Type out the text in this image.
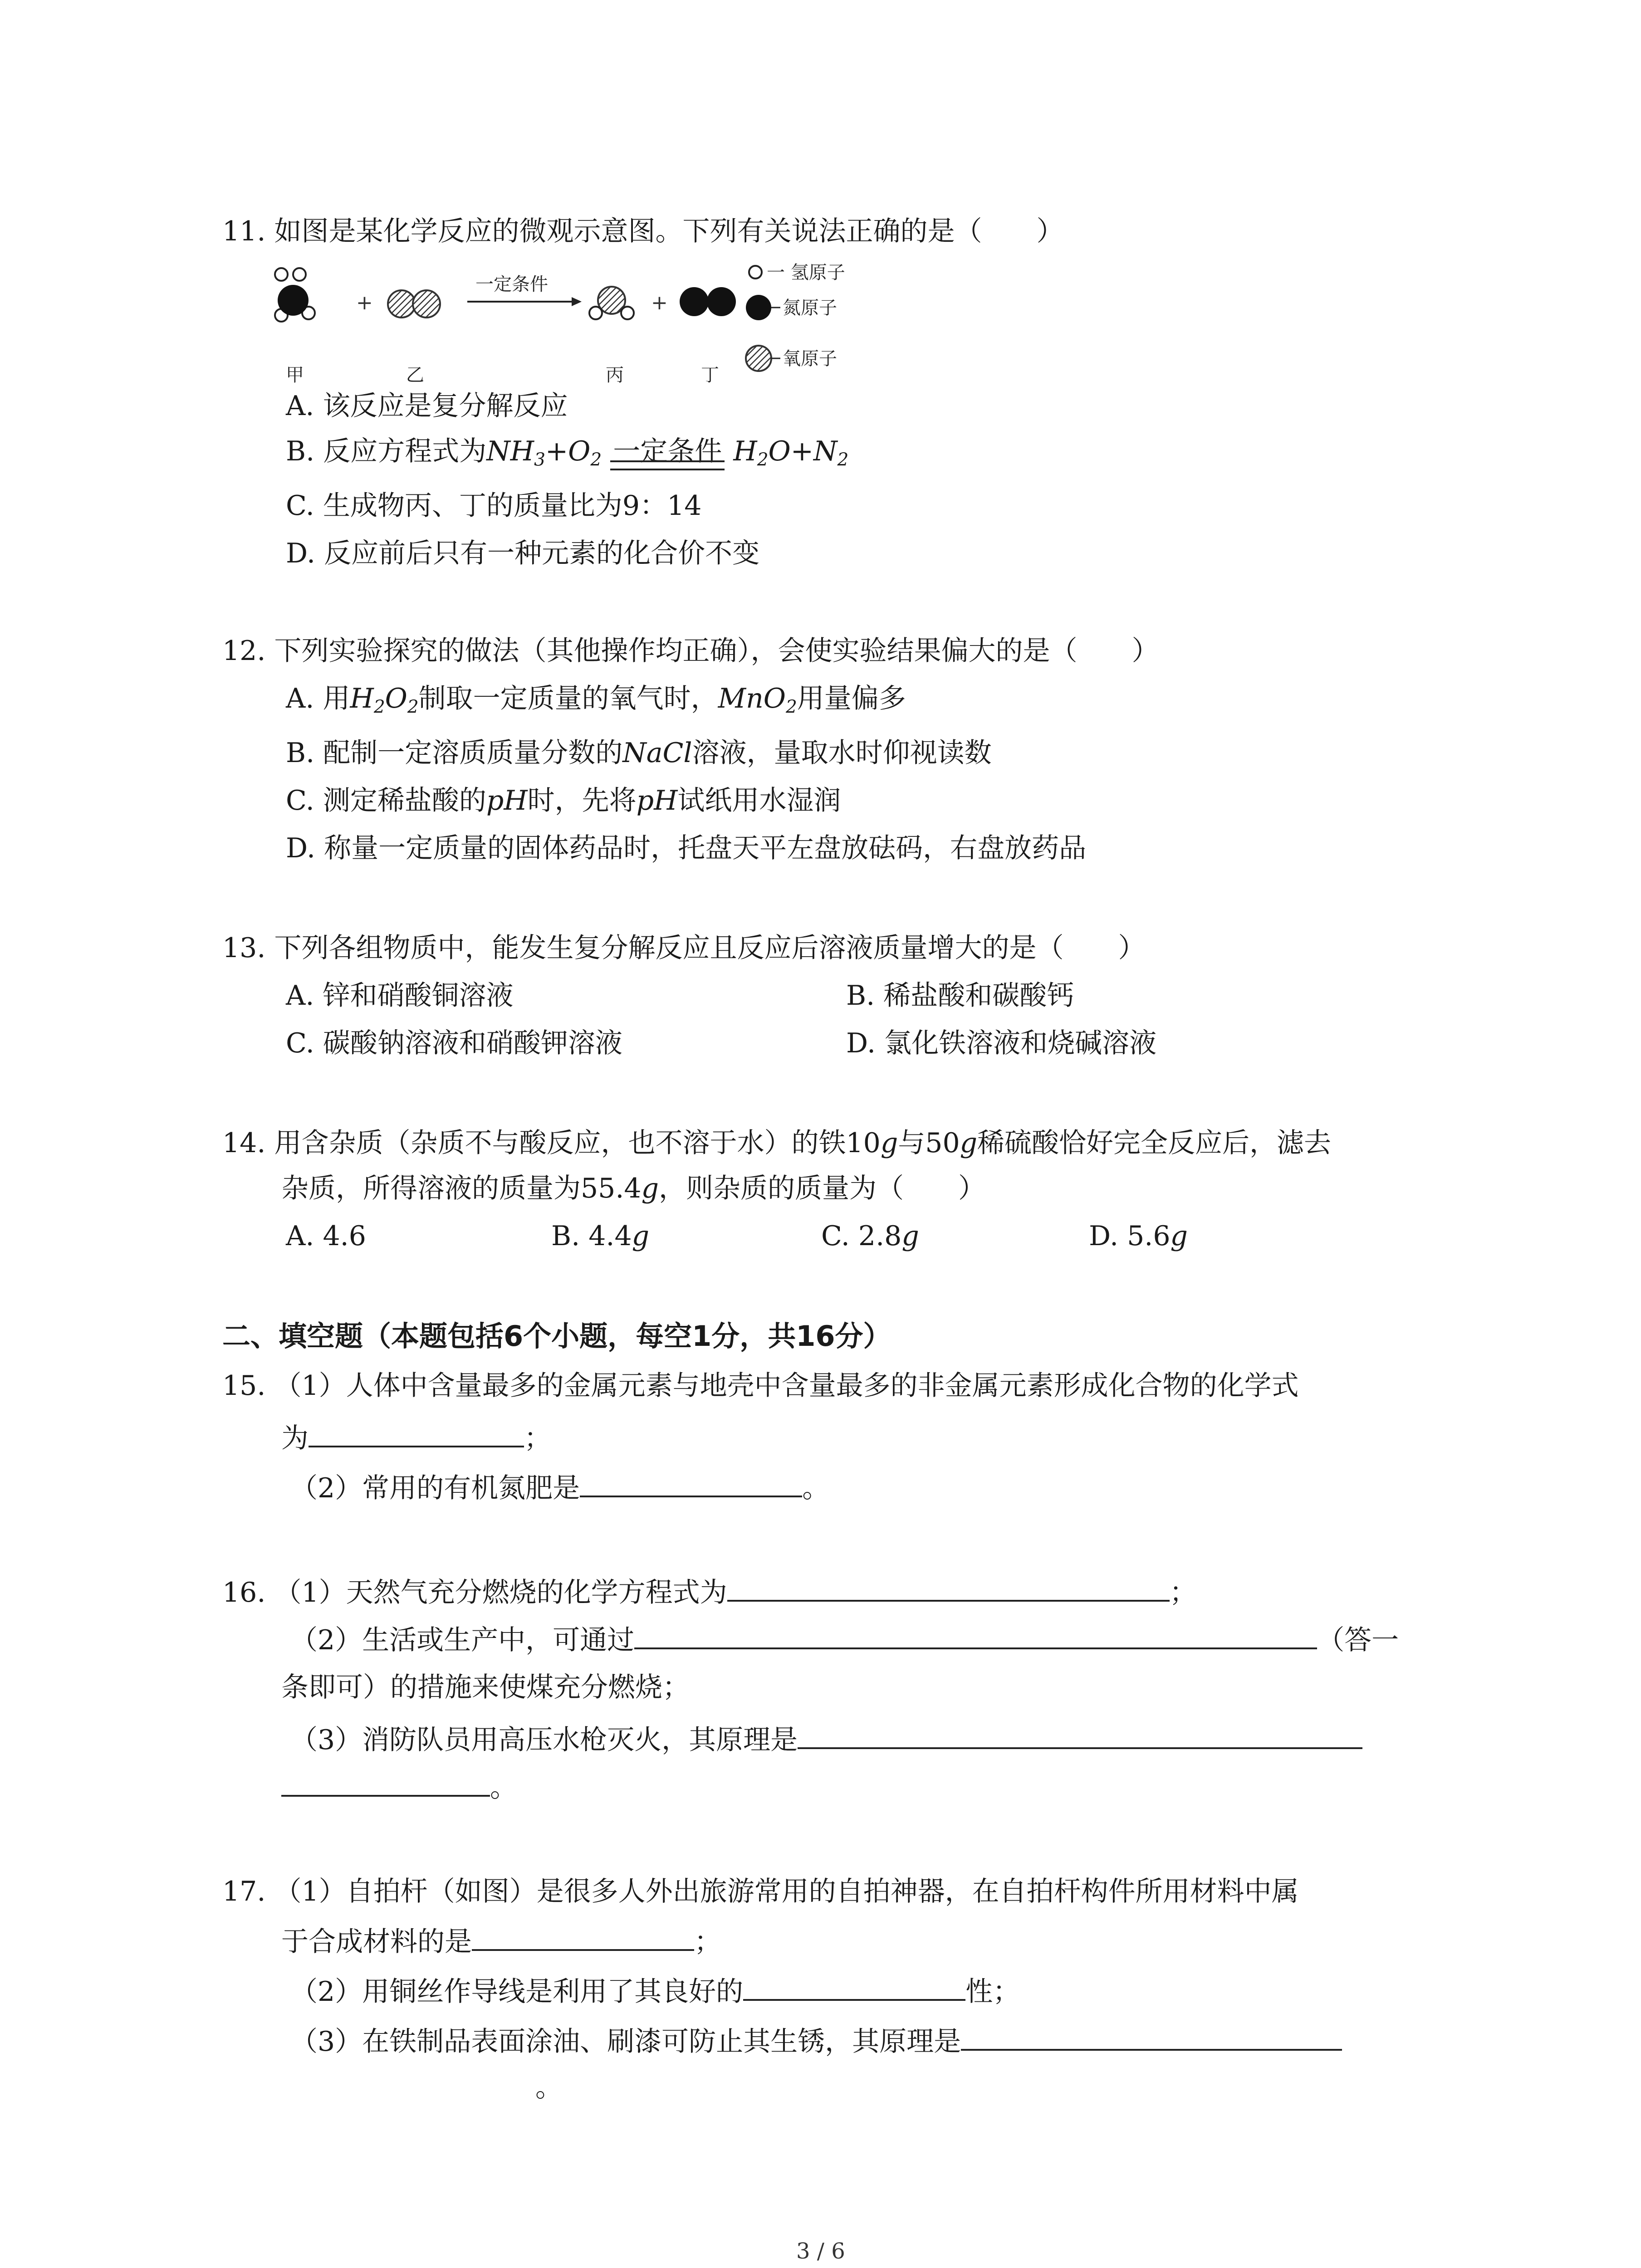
11. 如图是某化学反应的微观示意图。下列有关说法正确的是（　　）
+
一定条件
+
一 氢原子
氮原子
氧原子
甲	乙	丙	丁
A. 该反应是复分解反应
B. 反应方程式为$NH_3+O_2$ 一定条件 $H_2O+N_2$
C. 生成物丙、丁的质量比为9：14
D. 反应前后只有一种元素的化合价不变
12. 下列实验探究的做法（其他操作均正确），会使实验结果偏大的是（　　）
A. 用$H_2O_2$制取一定质量的氧气时，MnO$_2$用量偏多
B. 配制一定溶质质量分数的NaCl溶液，量取水时仰视读数
C. 测定稀盐酸的pH时，先将pH试纸用水湿润
D. 称量一定质量的固体药品时，托盘天平左盘放砝码，右盘放药品
13. 下列各组物质中，能发生复分解反应且反应后溶液质量增大的是（　　）
A. 锌和硝酸铜溶液	B. 稀盐酸和碳酸钙
C. 碳酸钠溶液和硝酸钾溶液	D. 氯化铁溶液和烧碱溶液
14. 用含杂质（杂质不与酸反应，也不溶于水）的铁10g与50g稀硫酸恰好完全反应后，滤去
杂质，所得溶液的质量为55.4g，则杂质的质量为（　　）
A. 4.6	B. 4.4g	C. 2.8g	D. 5.6g
二、填空题（本题包括6个小题，每空1分，共16分）
15. （1）人体中含量最多的金属元素与地壳中含量最多的非金属元素形成化合物的化学式
为	；
（2）常用的有机氮肥是	。
16. （1）天然气充分燃烧的化学方程式为	；
（2）生活或生产中，可通过	（答一
条即可）的措施来使煤充分燃烧；
（3）消防队员用高压水枪灭火，其原理是
。
17. （1）自拍杆（如图）是很多人外出旅游常用的自拍神器，在自拍杆构件所用材料中属
于合成材料的是	；
（2）用铜丝作导线是利用了其良好的	性；
（3）在铁制品表面涂油、刷漆可防止其生锈，其原理是
。
3 / 6
